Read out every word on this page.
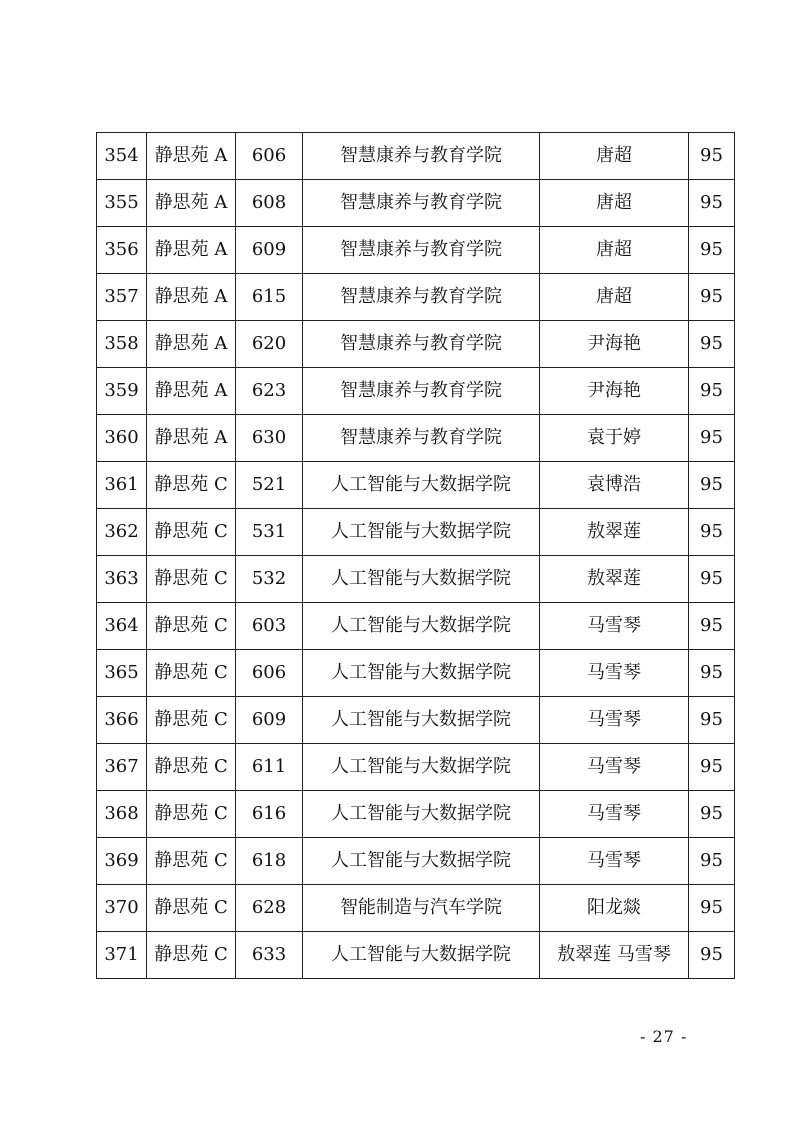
354	静思苑 A	606	智慧康养与教育学院	唐超	95
355	静思苑 A	608	智慧康养与教育学院	唐超	95
356	静思苑 A	609	智慧康养与教育学院	唐超	95
357	静思苑 A	615	智慧康养与教育学院	唐超	95
358	静思苑 A	620	智慧康养与教育学院	尹海艳	95
359	静思苑 A	623	智慧康养与教育学院	尹海艳	95
360	静思苑 A	630	智慧康养与教育学院	袁于婷	95
361	静思苑 C	521	人工智能与大数据学院	袁博浩	95
362	静思苑 C	531	人工智能与大数据学院	敖翠莲	95
363	静思苑 C	532	人工智能与大数据学院	敖翠莲	95
364	静思苑 C	603	人工智能与大数据学院	马雪琴	95
365	静思苑 C	606	人工智能与大数据学院	马雪琴	95
366	静思苑 C	609	人工智能与大数据学院	马雪琴	95
367	静思苑 C	611	人工智能与大数据学院	马雪琴	95
368	静思苑 C	616	人工智能与大数据学院	马雪琴	95
369	静思苑 C	618	人工智能与大数据学院	马雪琴	95
370	静思苑 C	628	智能制造与汽车学院	阳龙燚	95
371	静思苑 C	633	人工智能与大数据学院	敖翠莲 马雪琴	95
- 27 -
